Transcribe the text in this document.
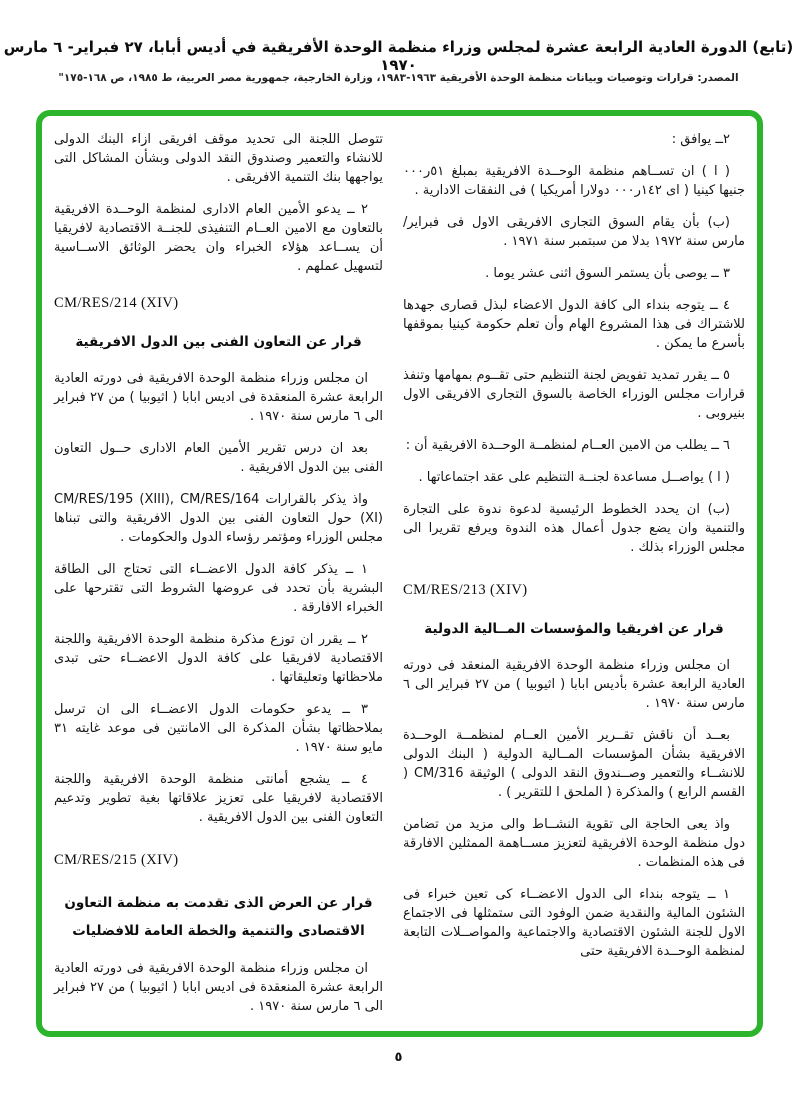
(تابع) الدورة العادية الرابعة عشرة لمجلس وزراء منظمة الوحدة الأفريقية في أديس أبابا، ٢٧ فبراير- ٦ مارس ١٩٧٠
المصدر: قرارات وتوصيات وبيانات منظمة الوحدة الأفريقية ١٩٦٣-١٩٨٣، وزارة الخارجية، جمهورية مصر العربية، ط ١٩٨٥، ص ١٦٨-١٧٥"

٢ــ يوافق :

( ا ) ان تســاهم منظمة الوحــدة الافريقية بمبلغ ٥١ر٠٠٠ جنيها كينيا ( اى ١٤٢ر٠٠٠ دولارا أمريكيا ) فى النفقات الادارية .

(ب) بأن يقام السوق التجارى الافريقى الاول فى فبراير/مارس سنة ١٩٧٢ بدلا من سبتمبر سنة ١٩٧١ .

٣ ــ يوصى بأن يستمر السوق اثنى عشر يوما .

٤ ــ يتوجه بنداء الى كافة الدول الاعضاء لبذل قصارى جهدها للاشتراك فى هذا المشروع الهام وأن تعلم حكومة كينيا بموقفها بأسرع ما يمكن .

٥ ــ يقرر تمديد تفويض لجنة التنظيم حتى تقــوم بمهامها وتنفذ قرارات مجلس الوزراء الخاصة بالسوق التجارى الافريقى الاول بنيروبى .

٦ ــ يطلب من الامين العــام لمنظمــة الوحــدة الافريقية أن :

( ا ) يواصــل مساعدة لجنــة التنظيم على عقد اجتماعاتها .

(ب) ان يحدد الخطوط الرئيسية لدعوة ندوة على التجارة والتنمية وان يضع جدول أعمال هذه الندوة ويرفع تقريرا الى مجلس الوزراء بذلك .

CM/RES/213 (XIV)

قرار عن افريقيا والمؤسسات المــالية الدولية

ان مجلس وزراء منظمة الوحدة الافريقية المنعقد فى دورته العادية الرابعة عشرة بأديس ابابا ( اثيوبيا ) من ٢٧ فبراير الى ٦ مارس سنة ١٩٧٠ .

بعــد أن ناقش تقــرير الأمين العــام لمنظمــة الوحــدة الافريقية بشأن المؤسسات المــالية الدولية ( البنك الدولى للانشــاء والتعمير وصــندوق النقد الدولى ) الوثيقة CM/316 ( القسم الرابع ) والمذكرة ( الملحق ا للتقرير ) .

واذ يعى الحاجة الى تقوية النشــاط والى مزيد من تضامن دول منظمة الوحدة الافريقية لتعزيز مســاهمة الممثلين الافارقة فى هذه المنظمات .

١ ــ يتوجه بنداء الى الدول الاعضــاء كى تعين خبراء فى الشئون المالية والنقدية ضمن الوفود التى ستمثلها فى الاجتماع الاول للجنة الشئون الاقتصادية والاجتماعية والمواصــلات التابعة لمنظمة الوحــدة الافريقية حتى

تتوصل اللجنة الى تحديد موقف افريقى ازاء البنك الدولى للانشاء والتعمير وصندوق النقد الدولى وبشأن المشاكل التى يواجهها بنك التنمية الافريقى .

٢ ــ يدعو الأمين العام الادارى لمنظمة الوحــدة الافريقية بالتعاون مع الامين العــام التنفيذى للجنــة الاقتصادية لافريقيا أن يســاعد هؤلاء الخبراء وان يحضر الوثائق الاســاسية لتسهيل عملهم .

CM/RES/214 (XIV)

قرار عن التعاون الفنى بين الدول الافريقية

ان مجلس وزراء منظمة الوحدة الافريقية فى دورته العادية الرابعة عشرة المنعقدة فى اديس ابابا ( اثيوبيا ) من ٢٧ فبراير الى ٦ مارس سنة ١٩٧٠ .

بعد ان درس تقرير الأمين العام الادارى حــول التعاون الفنى بين الدول الافريقية .

واذ يذكر بالقرارات CM/RES/195 (XIII), CM/RES/164 (XI) حول التعاون الفنى بين الدول الافريقية والتى تبناها مجلس الوزراء ومؤتمر رؤساء الدول والحكومات .

١ ــ يذكر كافة الدول الاعضــاء التى تحتاج الى الطاقة البشرية بأن تحدد فى عروضها الشروط التى تقترحها على الخبراء الافارقة .

٢ ــ يقرر ان توزع مذكرة منظمة الوحدة الافريقية واللجنة الاقتصادية لافريقيا على كافة الدول الاعضــاء حتى تبدى ملاحظاتها وتعليقاتها .

٣ ــ يدعو حكومات الدول الاعضــاء الى ان ترسل بملاحظاتها بشأن المذكرة الى الامانتين فى موعد غايته ٣١ مايو سنة ١٩٧٠ .

٤ ــ يشجع أمانتى منظمة الوحدة الافريقية واللجنة الاقتصادية لافريقيا على تعزيز علاقاتها بغية تطوير وتدعيم التعاون الفنى بين الدول الافريقية .

CM/RES/215 (XIV)

قرار عن العرض الذى تقدمت به منظمة التعاون الاقتصادى والتنمية والخطة العامة للافضليات

ان مجلس وزراء منظمة الوحدة الافريقية فى دورته العادية الرابعة عشرة المنعقدة فى اديس ابابا ( اثيوبيا ) من ٢٧ فبراير الى ٦ مارس سنة ١٩٧٠ .

٥
